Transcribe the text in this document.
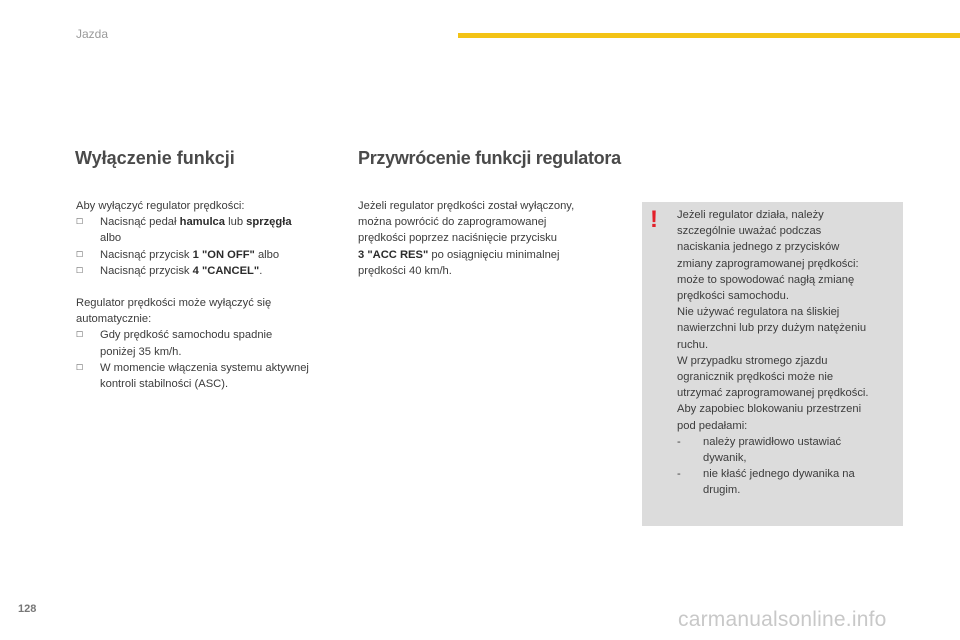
Jazda
Wyłączenie funkcji	Przywrócenie funkcji regulatora

Aby wyłączyć regulator prędkości:

☐	Nacisnąć pedał hamulca lub sprzęgła

albo

☐	Nacisnąć przycisk 1 "ON OFF" albo
☐	Nacisnąć przycisk 4 "CANCEL".

Regulator prędkości może wyłączyć się

automatycznie:

☐	Gdy prędkość samochodu spadnie
poniżej 35 km/h.
☐	W momencie włączenia systemu aktywnej
kontroli stabilności (ASC).

Jeżeli regulator prędkości został wyłączony,

można powrócić do zaprogramowanej

prędkości poprzez naciśnięcie przycisku

3 "ACC RES" po osiągnięciu minimalnej

prędkości 40 km/h.

! Jeżeli regulator działa, należy

szczególnie uważać podczas

naciskania jednego z przycisków

zmiany zaprogramowanej prędkości:

może to spowodować nagłą zmianę

prędkości samochodu.

Nie używać regulatora na śliskiej

nawierzchni lub przy dużym natężeniu

ruchu.

W przypadku stromego zjazdu

ogranicznik prędkości może nie

utrzymać zaprogramowanej prędkości.

Aby zapobiec blokowaniu przestrzeni

pod pedałami:

- należy prawidłowo ustawiać
dywanik,
- nie kłaść jednego dywanika na
drugim.
128	carmanualsonline.info
